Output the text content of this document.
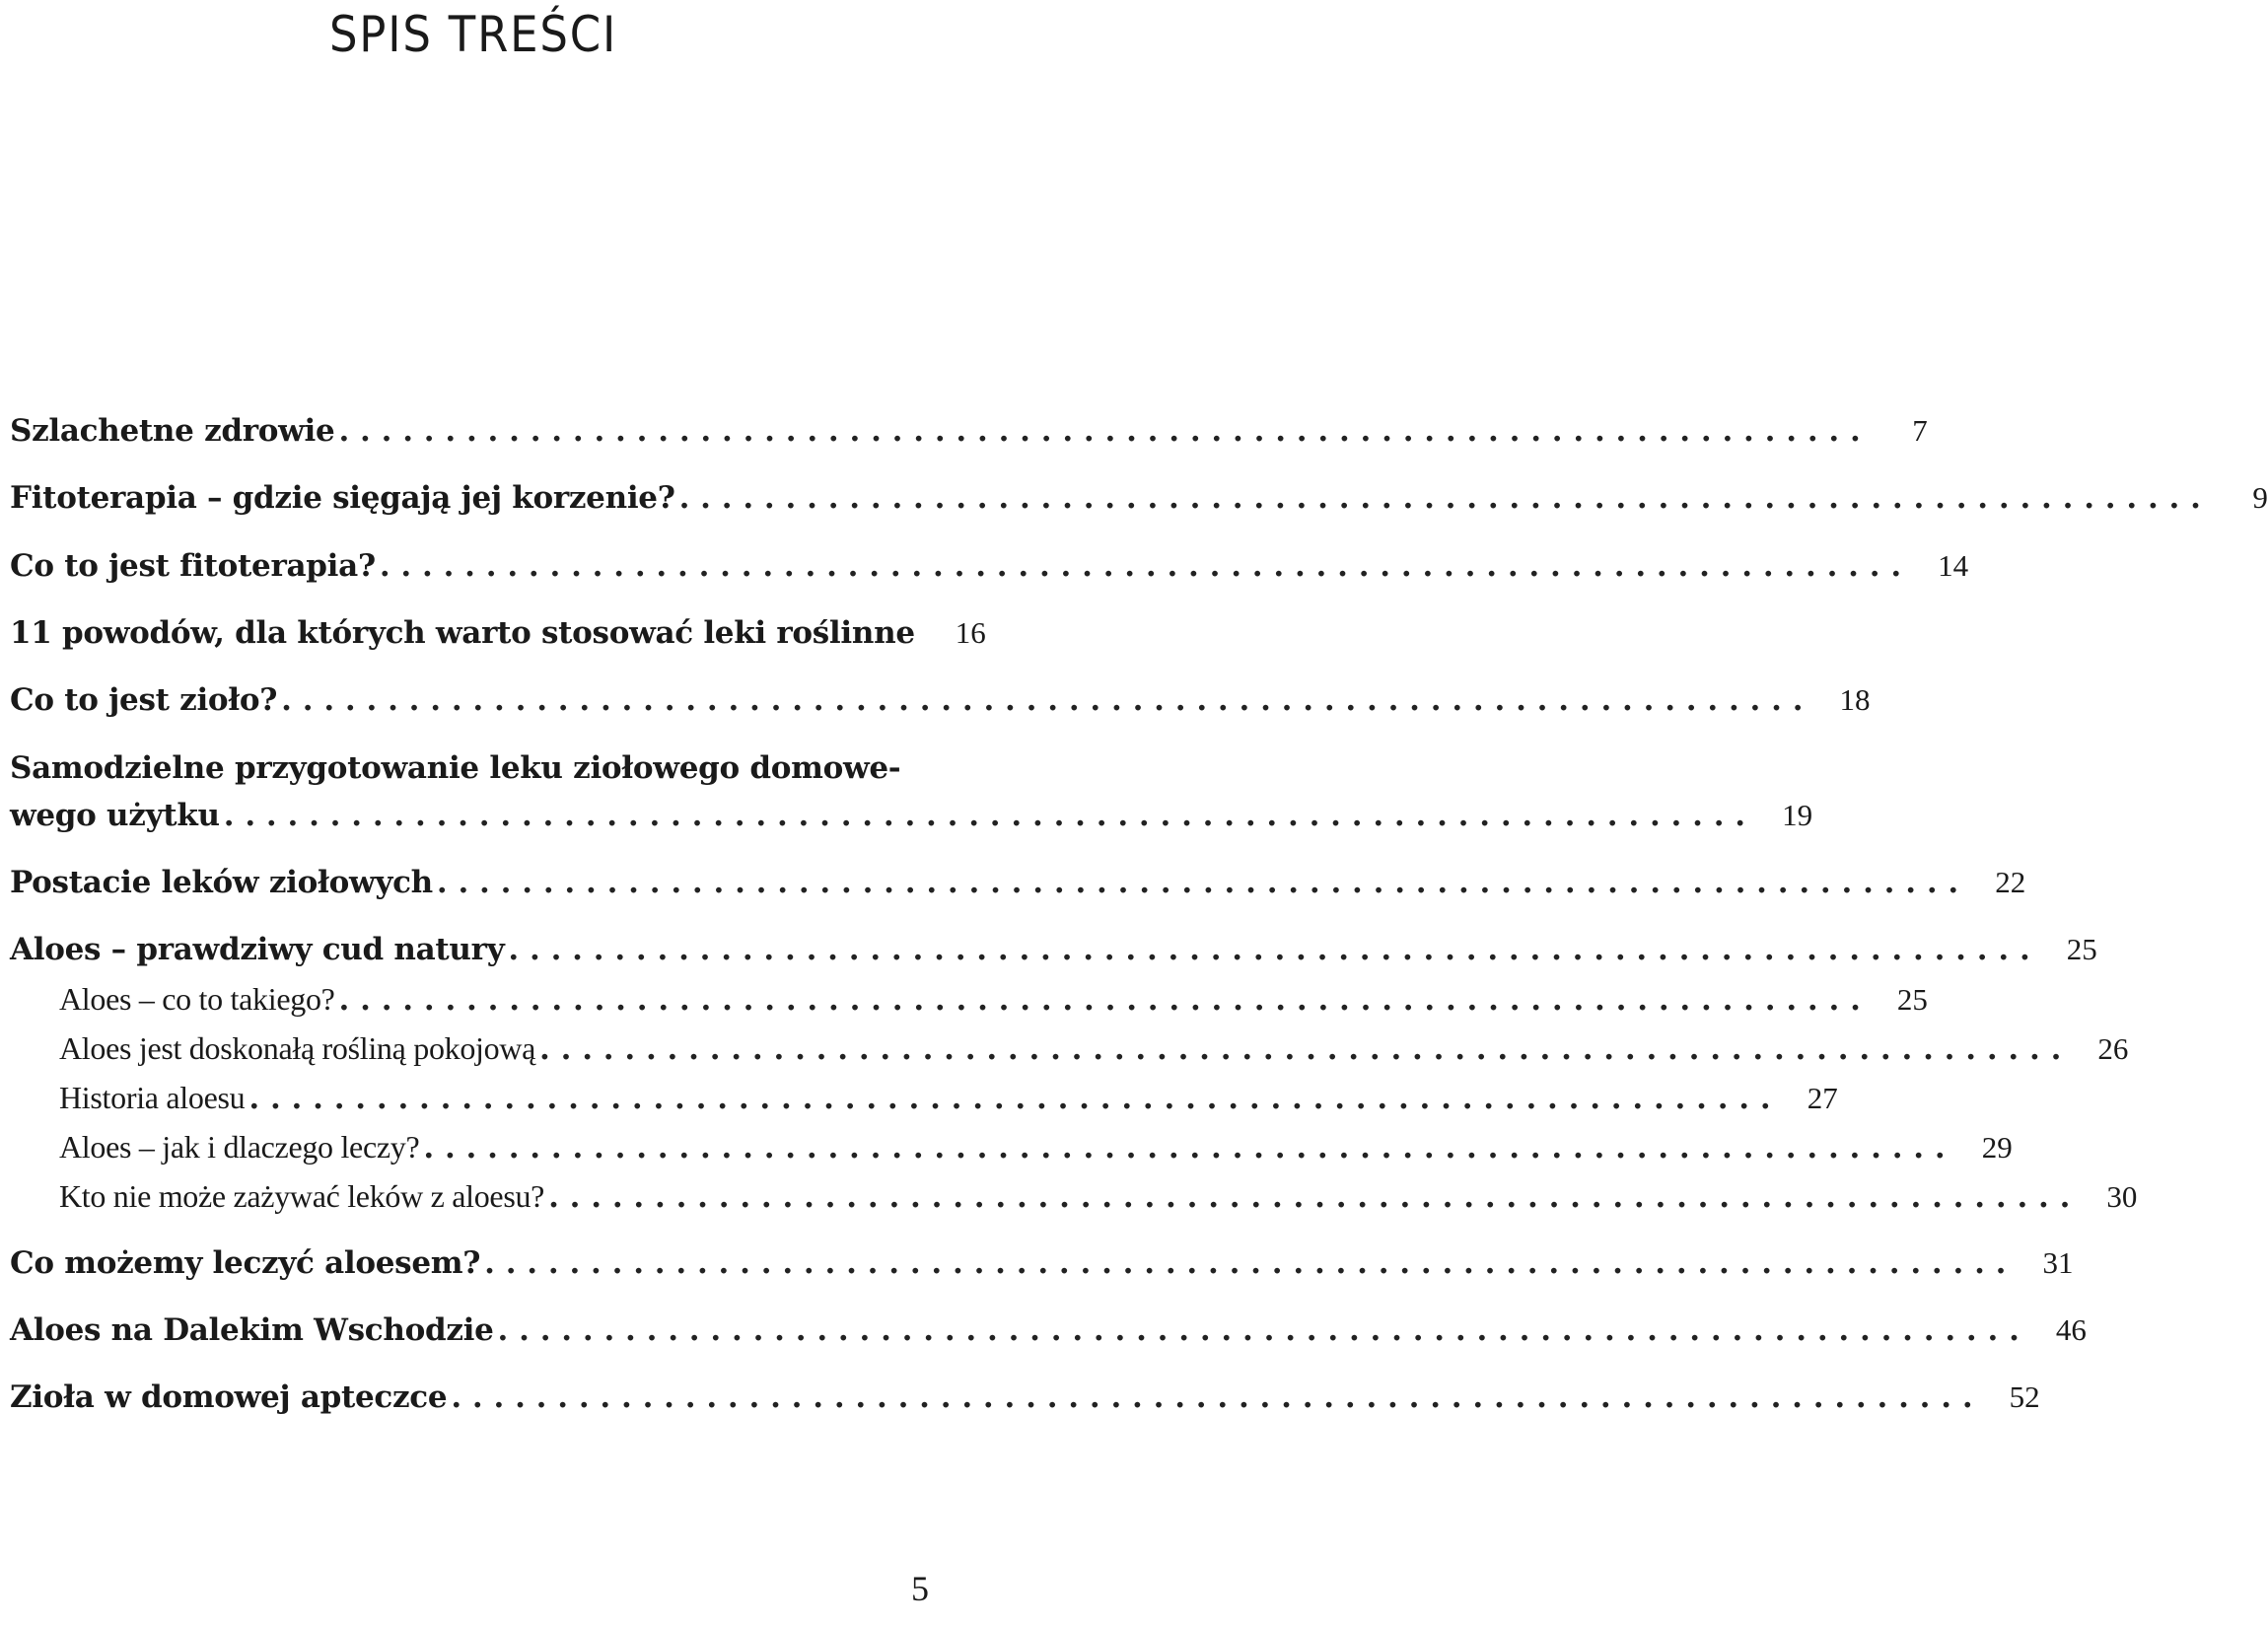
SPIS TREŚCI
Szlachetne zdrowie . . .	7
Fitoterapia – gdzie sięgają jej korzenie? . . .	9
Co to jest fitoterapia? . . .	14
11 powodów, dla których warto stosować leki roślinne	16
Co to jest zioło? . . .	18
Samodzielne przygotowanie leku ziołowego domowe-
wego użytku . . .	19
Postacie leków ziołowych . . .	22
Aloes – prawdziwy cud natury . . .	25
Aloes – co to takiego? . . .	25
Aloes jest doskonałą rośliną pokojową . . .	26
Historia aloesu . . .	27
Aloes – jak i dlaczego leczy? . . .	29
Kto nie może zażywać leków z aloesu? . . .	30
Co możemy leczyć aloesem? . . .	31
Aloes na Dalekim Wschodzie . . .	46
Zioła w domowej apteczce . . .	52
5
